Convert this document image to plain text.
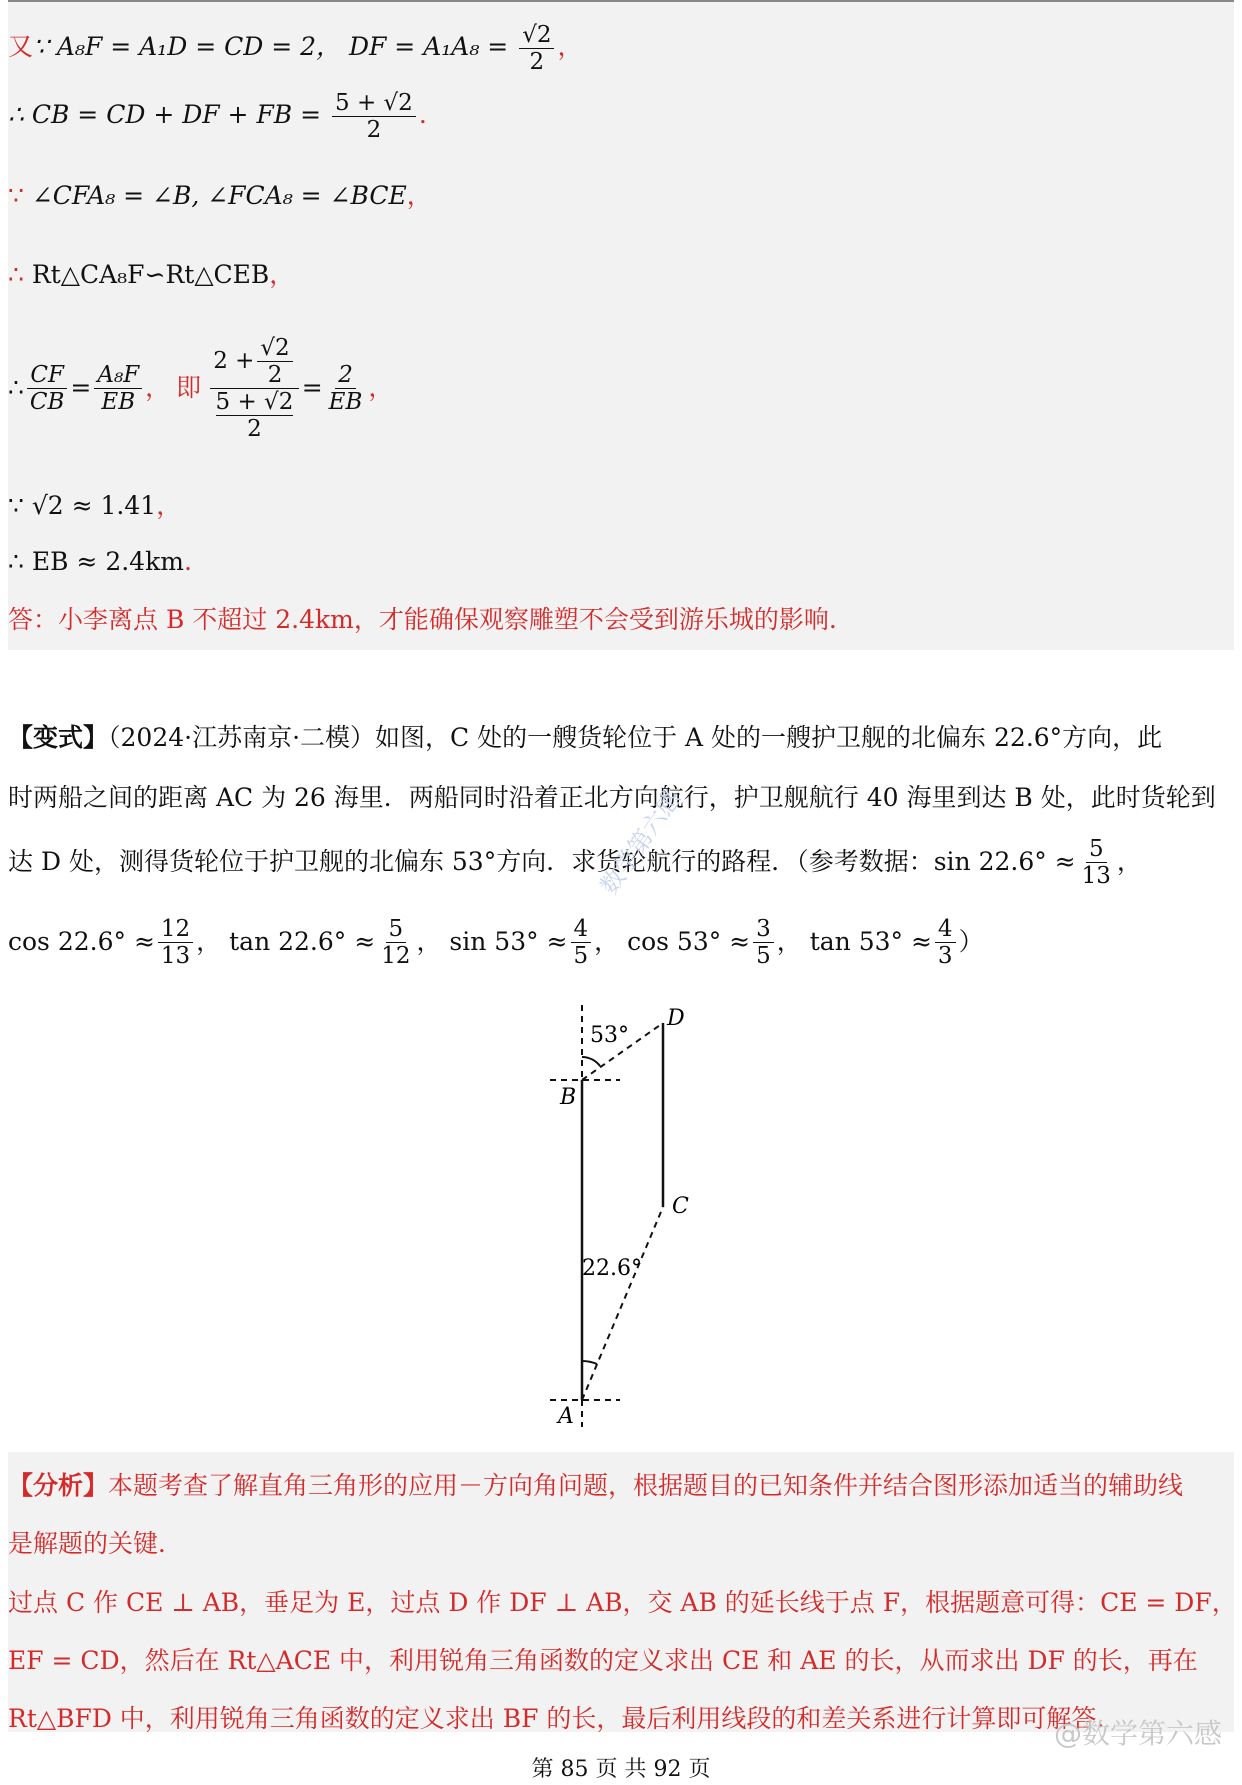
又∵ A₈F = A₁D = CD = 2， DF = $A_1A_8 = \frac{√2}{2}$ ，
∴ CB = CD + DF + FB = $\frac{5 + √2}{2}$ .
∵ ∠CFA₈ = ∠B, ∠FCA₈ = ∠BCE，
∴ Rt△CA₈F∽Rt△CEB，
∴ $\frac{CF}{CB} = \frac{\text{A₈F}}{EB}$ ， 即 $2 + \frac{√2}{2}$
5 + √2
$2 = \frac{2}{EB}$ ，
∵ √2 ≈ 1.41，
∴ EB ≈ 2.4km.
答：小李离点 B 不超过 2.4km，才能确保观察雕塑不会受到游乐城的影响.
【变式】（2024·江苏南京·二模）如图，C 处的一艘货轮位于 A 处的一艘护卫舰的北偏东 22.6°方向，此
时两船之间的距离 AC 为 26 海里．两船同时沿着正北方向航行，护卫舰航行 40 海里到达 B 处，此时货轮到
达 D 处，测得货轮位于护卫舰的北偏东 53°方向．求货轮航行的路程．（参考数据：$\sin 22.6^\circ \approx \frac{5}{13}$ ，
$\cos 22.6^\circ \approx \frac{12}{13}$ ， $\tan 22.6^\circ \approx \frac{5}{12}$ ， $\sin 53^\circ \approx \frac{4}{5}$ ， $\cos 53^\circ \approx \frac{3}{5}$ ， $\tan 53^\circ \approx \frac{4}{3}$ ）
数学第六感
53°
D
B
C
22.6°
A
【分析】本题考查了解直角三角形的应用－方向角问题，根据题目的已知条件并结合图形添加适当的辅助线
是解题的关键．
过点 C 作 CE ⊥ AB，垂足为 E，过点 D 作 DF ⊥ AB，交 AB 的延长线于点 F，根据题意可得：CE = DF，
EF = CD，然后在 Rt△ACE 中，利用锐角三角函数的定义求出 CE 和 AE 的长，从而求出 DF 的长，再在
Rt△BFD 中，利用锐角三角函数的定义求出 BF 的长，最后利用线段的和差关系进行计算即可解答.
@数学第六感
第 85 页 共 92 页
